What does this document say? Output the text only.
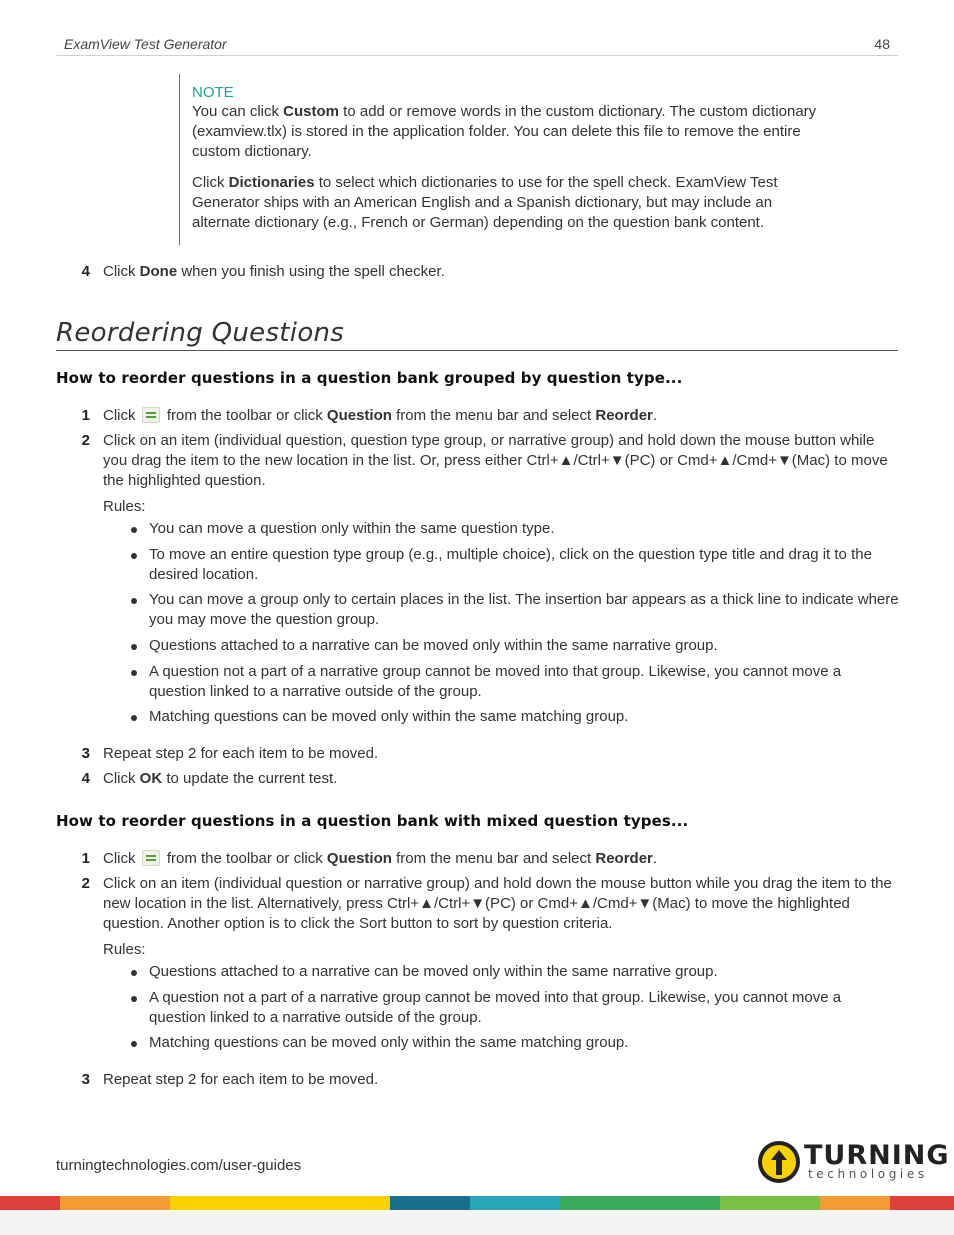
ExamView Test Generator	48
NOTE

You can click Custom to add or remove words in the custom dictionary. The custom dictionary (examview.tlx) is stored in the application folder. You can delete this file to remove the entire custom dictionary.

Click Dictionaries to select which dictionaries to use for the spell check. ExamView Test Generator ships with an American English and a Spanish dictionary, but may include an alternate dictionary (e.g., French or German) depending on the question bank content.

4 Click Done when you finish using the spell checker.
Reordering Questions
How to reorder questions in a question bank grouped by question type...
1 Click  from the toolbar or click Question from the menu bar and select Reorder.
2 Click on an item (individual question, question type group, or narrative group) and hold down the mouse button while you drag the item to the new location in the list. Or, press either Ctrl+▲/Ctrl+▼(PC) or Cmd+▲/Cmd+▼(Mac) to move the highlighted question.
Rules:
You can move a question only within the same question type.
To move an entire question type group (e.g., multiple choice), click on the question type title and drag it to the desired location.
You can move a group only to certain places in the list. The insertion bar appears as a thick line to indicate where you may move the question group.
Questions attached to a narrative can be moved only within the same narrative group.
A question not a part of a narrative group cannot be moved into that group. Likewise, you cannot move a question linked to a narrative outside of the group.
Matching questions can be moved only within the same matching group.
3 Repeat step 2 for each item to be moved.
4 Click OK to update the current test.
How to reorder questions in a question bank with mixed question types...
1 Click  from the toolbar or click Question from the menu bar and select Reorder.
2 Click on an item (individual question or narrative group) and hold down the mouse button while you drag the item to the new location in the list. Alternatively, press Ctrl+▲/Ctrl+▼(PC) or Cmd+▲/Cmd+▼(Mac) to move the highlighted question. Another option is to click the Sort button to sort by question criteria.
Rules:
Questions attached to a narrative can be moved only within the same narrative group.
A question not a part of a narrative group cannot be moved into that group. Likewise, you cannot move a question linked to a narrative outside of the group.
Matching questions can be moved only within the same matching group.
3 Repeat step 2 for each item to be moved.
turningtechnologies.com/user-guides	TURNING
technologies
